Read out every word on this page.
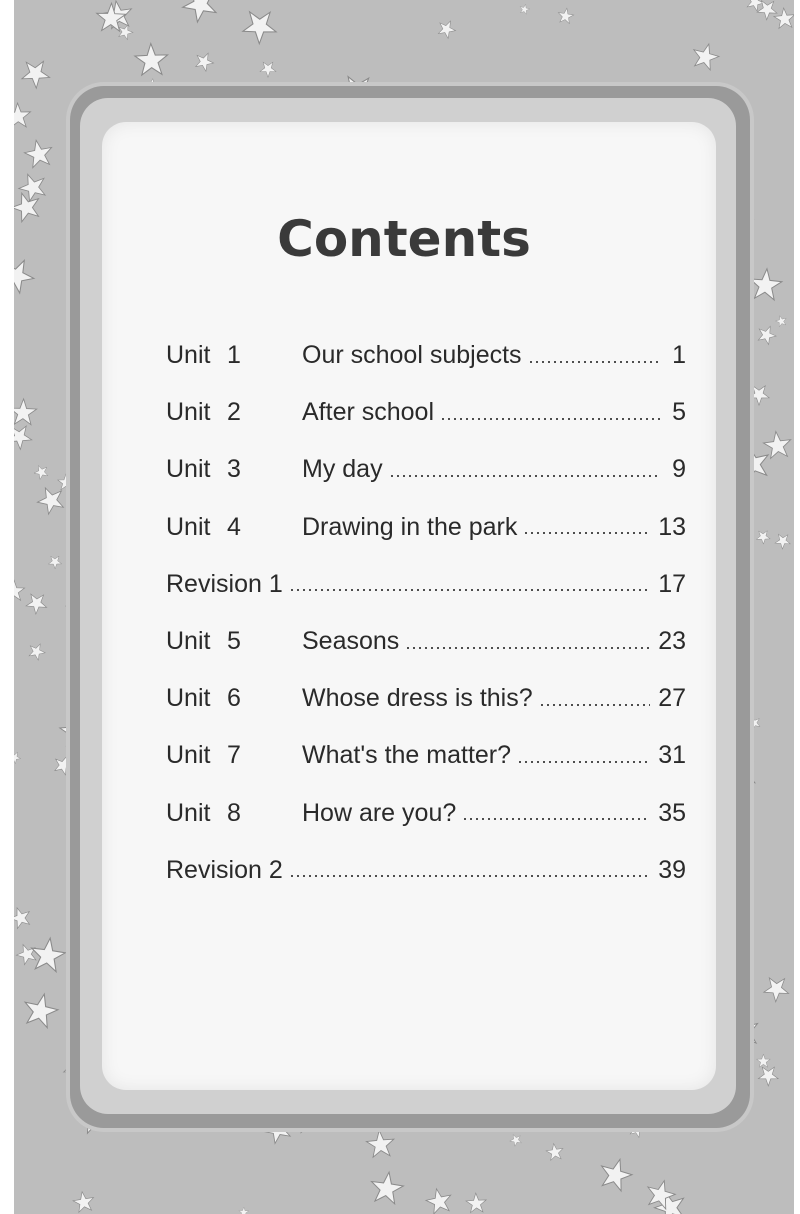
Contents
Unit 1	Our school subjects	1
Unit 2	After school	5
Unit 3	My day	9
Unit 4	Drawing in the park	13
Revision 1	17
Unit 5	Seasons	23
Unit 6	Whose dress is this?	27
Unit 7	What's the matter?	31
Unit 8	How are you?	35
Revision 2	39
